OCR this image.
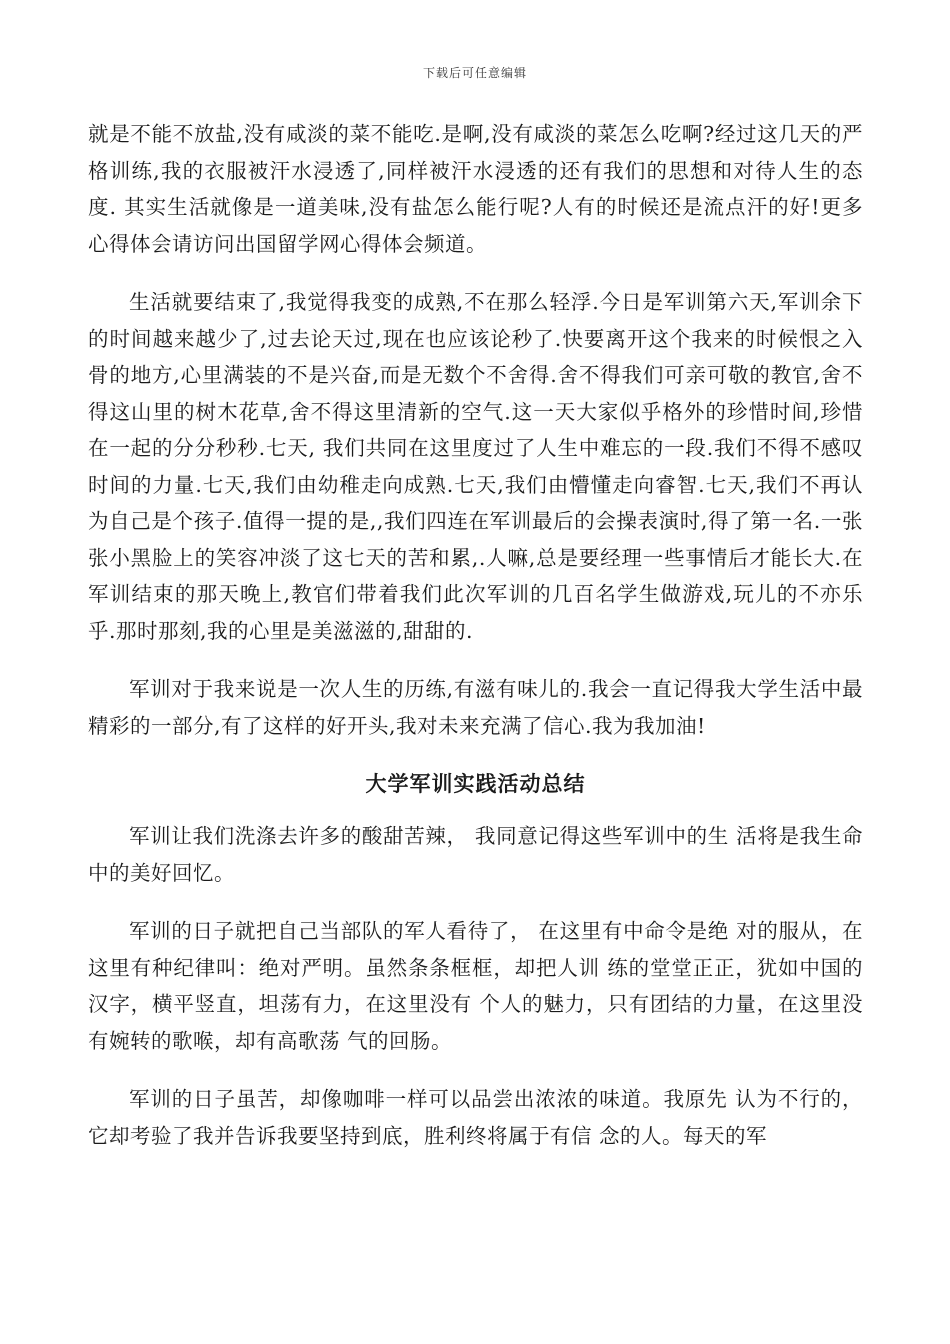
下载后可任意编辑

就是不能不放盐,没有咸淡的菜不能吃.是啊,没有咸淡的菜怎么吃啊?经过这几天的严格训练,我的衣服被汗水浸透了,同样被汗水浸透的还有我们的思想和对待人生的态度. 其实生活就像是一道美味,没有盐怎么能行呢?人有的时候还是流点汗的好!更多心得体会请访问出国留学网心得体会频道。

生活就要结束了,我觉得我变的成熟,不在那么轻浮.今日是军训第六天,军训余下的时间越来越少了,过去论天过,现在也应该论秒了.快要离开这个我来的时候恨之入骨的地方,心里满装的不是兴奋,而是无数个不舍得.舍不得我们可亲可敬的教官,舍不得这山里的树木花草,舍不得这里清新的空气.这一天大家似乎格外的珍惜时间,珍惜在一起的分分秒秒.七天, 我们共同在这里度过了人生中难忘的一段.我们不得不感叹时间的力量.七天,我们由幼稚走向成熟.七天,我们由懵懂走向睿智.七天,我们不再认为自己是个孩子.值得一提的是,,我们四连在军训最后的会操表演时,得了第一名.一张张小黑脸上的笑容冲淡了这七天的苦和累,.人嘛,总是要经理一些事情后才能长大.在军训结束的那天晚上,教官们带着我们此次军训的几百名学生做游戏,玩儿的不亦乐乎.那时那刻,我的心里是美滋滋的,甜甜的.

军训对于我来说是一次人生的历练,有滋有味儿的.我会一直记得我大学生活中最精彩的一部分,有了这样的好开头,我对未来充满了信心.我为我加油!

大学军训实践活动总结

军训让我们洗涤去许多的酸甜苦辣， 我同意记得这些军训中的生 活将是我生命中的美好回忆。

军训的日子就把自己当部队的军人看待了， 在这里有中命令是绝 对的服从，在这里有种纪律叫：绝对严明。虽然条条框框，却把人训 练的堂堂正正，犹如中国的汉字，横平竖直，坦荡有力，在这里没有 个人的魅力，只有团结的力量，在这里没有婉转的歌喉，却有高歌荡 气的回肠。

军训的日子虽苦，却像咖啡一样可以品尝出浓浓的味道。我原先 认为不行的，它却考验了我并告诉我要坚持到底，胜利终将属于有信 念的人。每天的军
